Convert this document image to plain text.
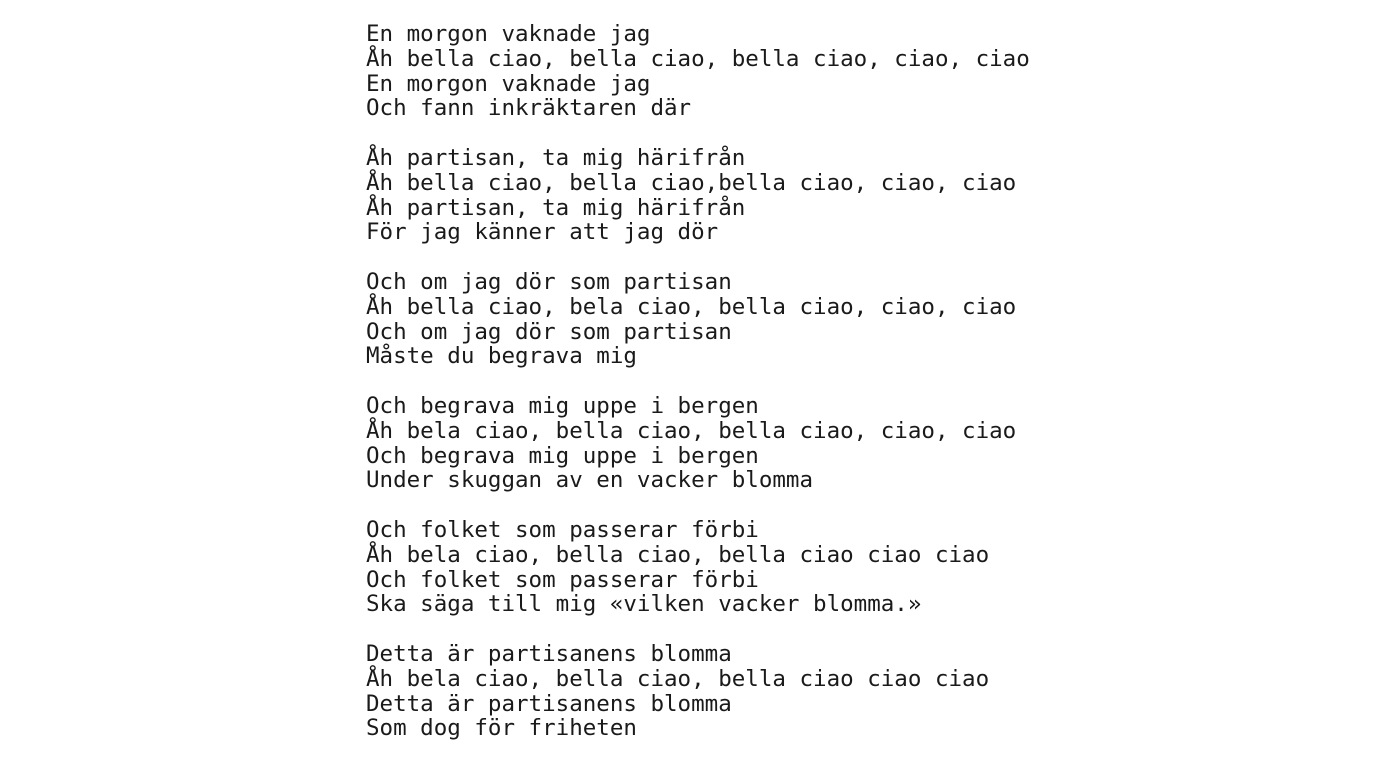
En morgon vaknade jag
Åh bella ciao, bella ciao, bella ciao, ciao, ciao
En morgon vaknade jag
Och fann inkräktaren där
Åh partisan, ta mig härifrån
Åh bella ciao, bella ciao,bella ciao, ciao, ciao
Åh partisan, ta mig härifrån
För jag känner att jag dör
Och om jag dör som partisan
Åh bella ciao, bela ciao, bella ciao, ciao, ciao
Och om jag dör som partisan
Måste du begrava mig
Och begrava mig uppe i bergen
Åh bela ciao, bella ciao, bella ciao, ciao, ciao
Och begrava mig uppe i bergen
Under skuggan av en vacker blomma
Och folket som passerar förbi
Åh bela ciao, bella ciao, bella ciao ciao ciao
Och folket som passerar förbi
Ska säga till mig «vilken vacker blomma.»
Detta är partisanens blomma
Åh bela ciao, bella ciao, bella ciao ciao ciao
Detta är partisanens blomma
Som dog för friheten
